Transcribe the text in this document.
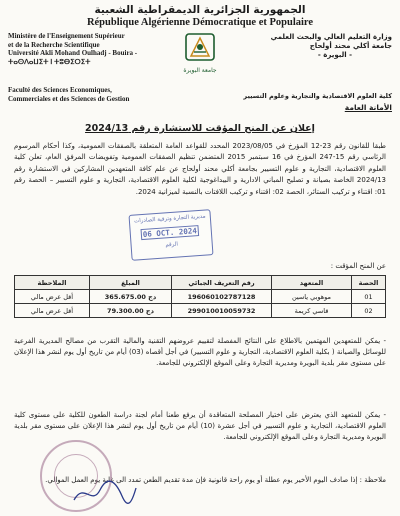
الجمهورية الجزائرية الديمقراطية الشعبية
République Algérienne Démocratique et Populaire
Ministère de l'Enseignement Supérieur
et de la Recherche Scientifique
Université Akli Mohand Oulhadj - Bouira -
ⵜⴰⵙⴷⴰⵡⵉⵜ ⵏ ⵜⵓⴱⵉⵔⵉⵜ
وزارة التعليم العالي والبحث العلمي
جامعة أكلي محند أولحاج
- البويرة -
جامعة البويرة
Faculté des Sciences Economiques,
Commerciales et des Sciences de Gestion	كلية العلوم الاقتصادية والتجارية وعلوم التسيير
الأمانة العامة
إعلان عن المنح المؤقت للاستشارة رقم 2024/13
طبقا للقانون رقم 23-12 المؤرخ في 2023/08/05 المحدد للقواعد العامة المتعلقة بالصفقات العمومية، وكذا أحكام المرسوم الرئاسي رقم 15-247 المؤرخ في 16 سبتمبر 2015 المتضمن تنظيم الصفقات العمومية وتفويضات المرفق العام، تعلن كلية العلوم الاقتصادية، التجارية و علوم التسيير بجامعة أكلي محند أولحاج عن علم كافة المتعهدين المشاركين في الاستشارة رقم 2024/13 الخاصة بصيانة و تصليح المباني الادارية و البيداغوجية لكلية العلوم الاقتصادية، التجارية و علوم التسيير – الحصة رقم 01: اقتناء و تركيب الستائر، الحصة 02: اقتناء و تركيب اللافتات بالنسبة لميزانية 2024.
مديرية التجارة وترقية الصادرات
06 OCT. 2024
الرقم
عن المنح المؤقت :
الحصة	المتعهد	رقم التعريف الجبائي	المبلغ	الملاحظة
01	موهوبي ياسين	196060102787128	365.675.00 دج	أقل عرض مالي
02	قاسي كريمة	299010010059732	79.300.00 دج	أقل عرض مالي
- يمكن للمتعهدين المهتمين بالاطلاع على النتائج المفصلة لتقييم عروضهم التقنية والمالية التقرب من مصالح المديرية الفرعية للوسائل والصيانة ( بكلية العلوم الاقتصادية، التجارية و علوم التسيير) في أجل أقصاه (03) أيام من تاريخ أول يوم لنشر هذا الإعلان على مستوى مقر بلدية البويرة ومديرية التجارة وعلى الموقع الإلكتروني للجامعة.
- يمكن للمتعهد الذي يعترض على اختيار المصلحة المتعاقدة أن يرفع طعنا أمام لجنة دراسة الطعون للكلية على مستوى كلية العلوم الاقتصادية، التجارية و علوم التسيير في أجل عشرة (10) أيام من تاريخ أول يوم لنشر هذا الإعلان على مستوى مقر بلدية البويرة ومديرية التجارة وعلى الموقع الإلكتروني للجامعة.
ملاحظة : إذا صادف اليوم الأخير يوم عطلة أو يوم راحة قانونية فإن مدة تقديم الطعن تمدد الى غاية يوم العمل الموالي.
